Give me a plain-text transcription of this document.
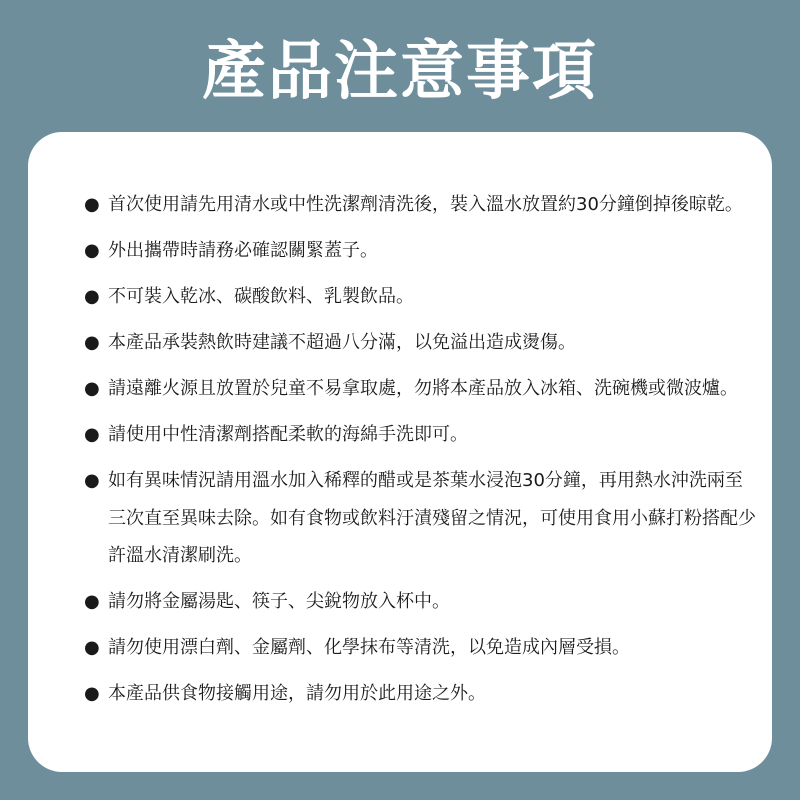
產品注意事項
● 首次使用請先用清水或中性洗潔劑清洗後，裝入溫水放置約30分鐘倒掉後晾乾。
● 外出攜帶時請務必確認關緊蓋子。
● 不可裝入乾冰、碳酸飲料、乳製飲品。
● 本產品承裝熱飲時建議不超過八分滿，以免溢出造成燙傷。
● 請遠離火源且放置於兒童不易拿取處，勿將本產品放入冰箱、洗碗機或微波爐。
● 請使用中性清潔劑搭配柔軟的海綿手洗即可。
● 如有異味情況請用溫水加入稀釋的醋或是茶葉水浸泡30分鐘，再用熱水沖洗兩至三次直至異味去除。如有食物或飲料汙漬殘留之情況，可使用食用小蘇打粉搭配少許溫水清潔刷洗。
● 請勿將金屬湯匙、筷子、尖銳物放入杯中。
● 請勿使用漂白劑、金屬劑、化學抹布等清洗，以免造成內層受損。
● 本產品供食物接觸用途，請勿用於此用途之外。
